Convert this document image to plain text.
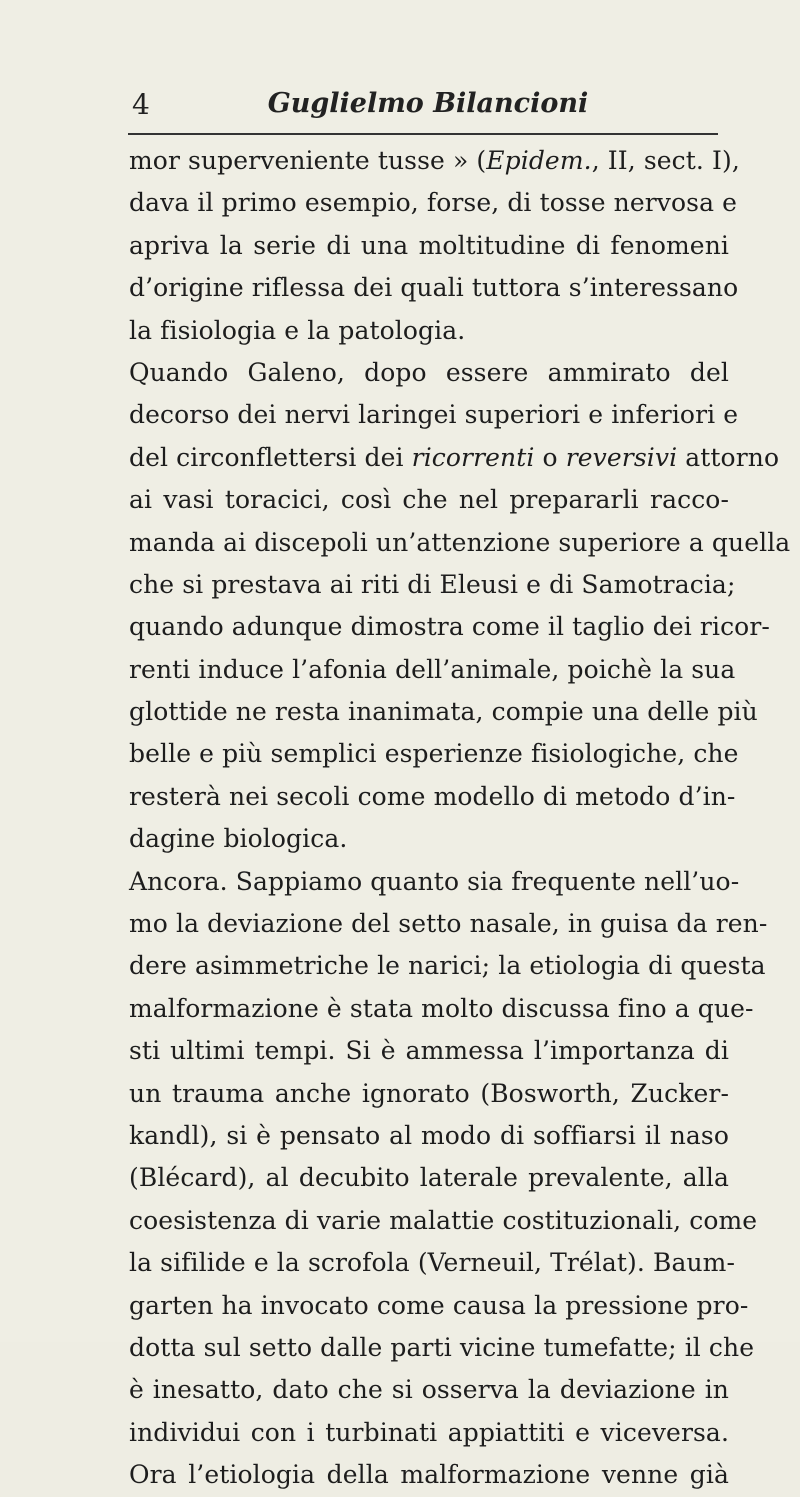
4	Guglielmo Bilancioni
mor superveniente tusse » (Epidem., II, sect. I),
dava il primo esempio, forse, di tosse nervosa e
apriva la serie di una moltitudine di fenomeni
d’origine riflessa dei quali tuttora s’interessano
la fisiologia e la patologia.
Quando Galeno, dopo essere ammirato del
decorso dei nervi laringei superiori e inferiori e
del circonflettersi dei ricorrenti o reversivi attorno
ai vasi toracici, così che nel prepararli racco-
manda ai discepoli un’attenzione superiore a quella
che si prestava ai riti di Eleusi e di Samotracia;
quando adunque dimostra come il taglio dei ricor-
renti induce l’afonia dell’animale, poichè la sua
glottide ne resta inanimata, compie una delle più
belle e più semplici esperienze fisiologiche, che
resterà nei secoli come modello di metodo d’in-
dagine biologica.
Ancora. Sappiamo quanto sia frequente nell’uo-
mo la deviazione del setto nasale, in guisa da ren-
dere asimmetriche le narici; la etiologia di questa
malformazione è stata molto discussa fino a que-
sti ultimi tempi. Si è ammessa l’importanza di
un trauma anche ignorato (Bosworth, Zucker-
kandl), si è pensato al modo di soffiarsi il naso
(Blécard), al decubito laterale prevalente, alla
coesistenza di varie malattie costituzionali, come
la sifilide e la scrofola (Verneuil, Trélat). Baum-
garten ha invocato come causa la pressione pro-
dotta sul setto dalle parti vicine tumefatte; il che
è inesatto, dato che si osserva la deviazione in
individui con i turbinati appiattiti e viceversa.
Ora l’etiologia della malformazione venne già
